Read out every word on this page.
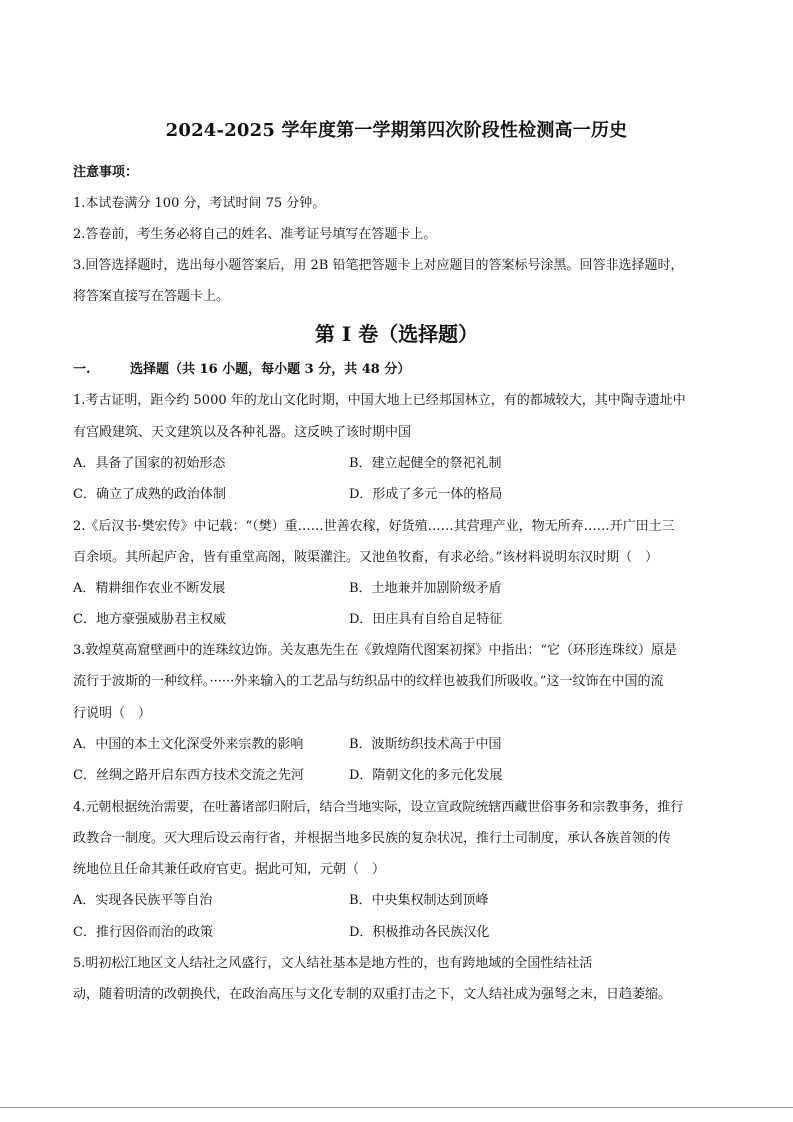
2024-2025 学年度第一学期第四次阶段性检测高一历史
注意事项：
1.本试卷满分 100 分，考试时间 75 分钟。
2.答卷前，考生务必将自己的姓名、准考证号填写在答题卡上。
3.回答选择题时，选出每小题答案后，用 2B 铅笔把答题卡上对应题目的答案标号涂黑。回答非选择题时，
将答案直接写在答题卡上。
第 Ⅰ 卷（选择题）
一.	选择题（共 16 小题，每小题 3 分，共 48 分）
1.考古证明，距今约 5000 年的龙山文化时期，中国大地上已经邦国林立，有的都城较大，其中陶寺遗址中
有宫殿建筑、天文建筑以及各种礼器。这反映了该时期中国
A．具备了国家的初始形态	B．建立起健全的祭祀礼制
C．确立了成熟的政治体制	D．形成了多元一体的格局
2.《后汉书·樊宏传》中记载：“（樊）重……世善农稼，好货殖……其营理产业，物无所弃……开广田土三
百余顷。其所起庐舍，皆有重堂高阁，陂渠灌注。又池鱼牧畜，有求必给。”该材料说明东汉时期（　）
A．精耕细作农业不断发展	B．土地兼并加剧阶级矛盾
C．地方豪强威胁君主权威	D．田庄具有自给自足特征
3.敦煌莫高窟壁画中的连珠纹边饰。关友惠先生在《敦煌隋代图案初探》中指出：“它（环形连珠纹）原是
流行于波斯的一种纹样。······外来输入的工艺品与纺织品中的纹样也被我们所吸收。”这一纹饰在中国的流
行说明（　）
A．中国的本土文化深受外来宗教的影响	B．波斯纺织技术高于中国
C．丝绸之路开启东西方技术交流之先河	D．隋朝文化的多元化发展
4.元朝根据统治需要，在吐蕃诸部归附后，结合当地实际，设立宣政院统辖西藏世俗事务和宗教事务，推行
政教合一制度。灭大理后设云南行省，并根据当地多民族的复杂状况，推行土司制度，承认各族首领的传
统地位且任命其兼任政府官吏。据此可知，元朝（　）
A．实现各民族平等自治	B．中央集权制达到顶峰
C．推行因俗而治的政策	D．积极推动各民族汉化
5.明初松江地区文人结社之风盛行，文人结社基本是地方性的，也有跨地域的全国性结社活
动，随着明清的改朝换代，在政治高压与文化专制的双重打击之下，文人结社成为强弩之末，日趋萎缩。
